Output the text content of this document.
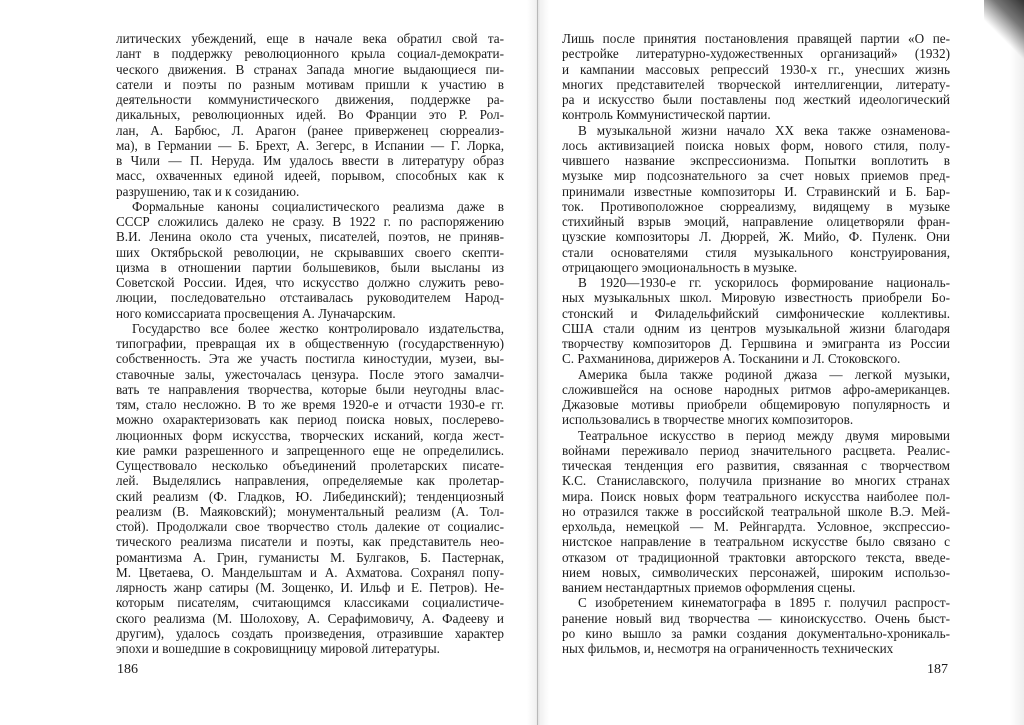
литических убеждений, еще в начале века обратил свой та-
лант в поддержку революционного крыла социал-демократи-
ческого движения. В странах Запада многие выдающиеся пи-
сатели и поэты по разным мотивам пришли к участию в
деятельности коммунистического движения, поддержке ра-
дикальных, революционных идей. Во Франции это Р. Рол-
лан, А. Барбюс, Л. Арагон (ранее приверженец сюрреализ-
ма), в Германии — Б. Брехт, А. Зегерс, в Испании — Г. Лорка,
в Чили — П. Неруда. Им удалось ввести в литературу образ
масс, охваченных единой идеей, порывом, способных как к
разрушению, так и к созиданию.
Формальные каноны социалистического реализма даже в
СССР сложились далеко не сразу. В 1922 г. по распоряжению
В.И. Ленина около ста ученых, писателей, поэтов, не приняв-
ших Октябрьской революции, не скрывавших своего скепти-
цизма в отношении партии большевиков, были высланы из
Советской России. Идея, что искусство должно служить рево-
люции, последовательно отстаивалась руководителем Народ-
ного комиссариата просвещения А. Луначарским.
Государство все более жестко контролировало издательства,
типографии, превращая их в общественную (государственную)
собственность. Эта же участь постигла киностудии, музеи, вы-
ставочные залы, ужесточалась цензура. После этого замалчи-
вать те направления творчества, которые были неугодны влас-
тям, стало несложно. В то же время 1920-е и отчасти 1930-е гг.
можно охарактеризовать как период поиска новых, послерево-
люционных форм искусства, творческих исканий, когда жест-
кие рамки разрешенного и запрещенного еще не определились.
Существовало несколько объединений пролетарских писате-
лей. Выделялись направления, определяемые как пролетар-
ский реализм (Ф. Гладков, Ю. Либединский); тенденциозный
реализм (В. Маяковский); монументальный реализм (А. Тол-
стой). Продолжали свое творчество столь далекие от социалис-
тического реализма писатели и поэты, как представитель нео-
романтизма А. Грин, гуманисты М. Булгаков, Б. Пастернак,
М. Цветаева, О. Мандельштам и А. Ахматова. Сохранял попу-
лярность жанр сатиры (М. Зощенко, И. Ильф и Е. Петров). Не-
которым писателям, считающимся классиками социалистиче-
ского реализма (М. Шолохову, А. Серафимовичу, А. Фадееву и
другим), удалось создать произведения, отразившие характер
эпохи и вошедшие в сокровищницу мировой литературы.
Лишь после принятия постановления правящей партии «О пе-
рестройке литературно-художественных организаций» (1932)
и кампании массовых репрессий 1930-х гг., унесших жизнь
многих представителей творческой интеллигенции, литерату-
ра и искусство были поставлены под жесткий идеологический
контроль Коммунистической партии.
В музыкальной жизни начало XX века также ознаменова-
лось активизацией поиска новых форм, нового стиля, полу-
чившего название экспрессионизма. Попытки воплотить в
музыке мир подсознательного за счет новых приемов пред-
принимали известные композиторы И. Стравинский и Б. Бар-
ток. Противоположное сюрреализму, видящему в музыке
стихийный взрыв эмоций, направление олицетворяли фран-
цузские композиторы Л. Дюррей, Ж. Мийо, Ф. Пуленк. Они
стали основателями стиля музыкального конструирования,
отрицающего эмоциональность в музыке.
В 1920—1930-е гг. ускорилось формирование националь-
ных музыкальных школ. Мировую известность приобрели Бо-
стонский и Филадельфийский симфонические коллективы.
США стали одним из центров музыкальной жизни благодаря
творчеству композиторов Д. Гершвина и эмигранта из России
С. Рахманинова, дирижеров А. Тосканини и Л. Стоковского.
Америка была также родиной джаза — легкой музыки,
сложившейся на основе народных ритмов афро-американцев.
Джазовые мотивы приобрели общемировую популярность и
использовались в творчестве многих композиторов.
Театральное искусство в период между двумя мировыми
войнами переживало период значительного расцвета. Реалис-
тическая тенденция его развития, связанная с творчеством
К.С. Станиславского, получила признание во многих странах
мира. Поиск новых форм театрального искусства наиболее пол-
но отразился также в российской театральной школе В.Э. Мей-
ерхольда, немецкой — М. Рейнгардта. Условное, экспрессио-
нистское направление в театральном искусстве было связано с
отказом от традиционной трактовки авторского текста, введе-
нием новых, символических персонажей, широким использо-
ванием нестандартных приемов оформления сцены.
С изобретением кинематографа в 1895 г. получил распрост-
ранение новый вид творчества — киноискусство. Очень быст-
ро кино вышло за рамки создания документально-хроникаль-
ных фильмов, и, несмотря на ограниченность технических
186	187
